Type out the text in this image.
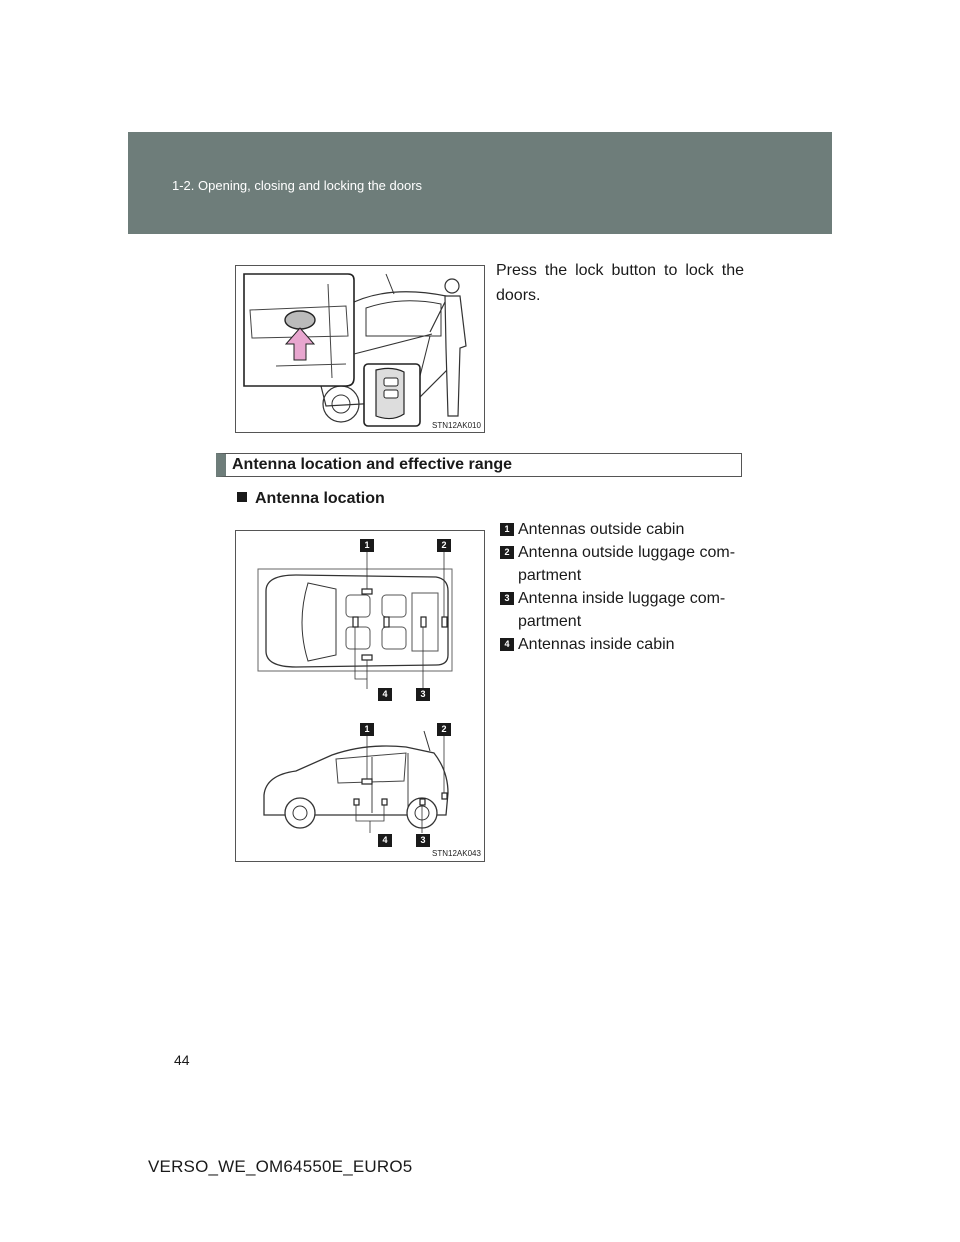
1-2. Opening, closing and locking the doors
STN12AK010

Press the lock button to lock the doors.

Antenna location and effective range
Antenna location
1	2
4	3
1	2
4	3
STN12AK043
1 Antennas outside cabin
2 Antenna outside luggage com-partment
3 Antenna inside luggage com-partment
4 Antennas inside cabin
44
VERSO_WE_OM64550E_EURO5
